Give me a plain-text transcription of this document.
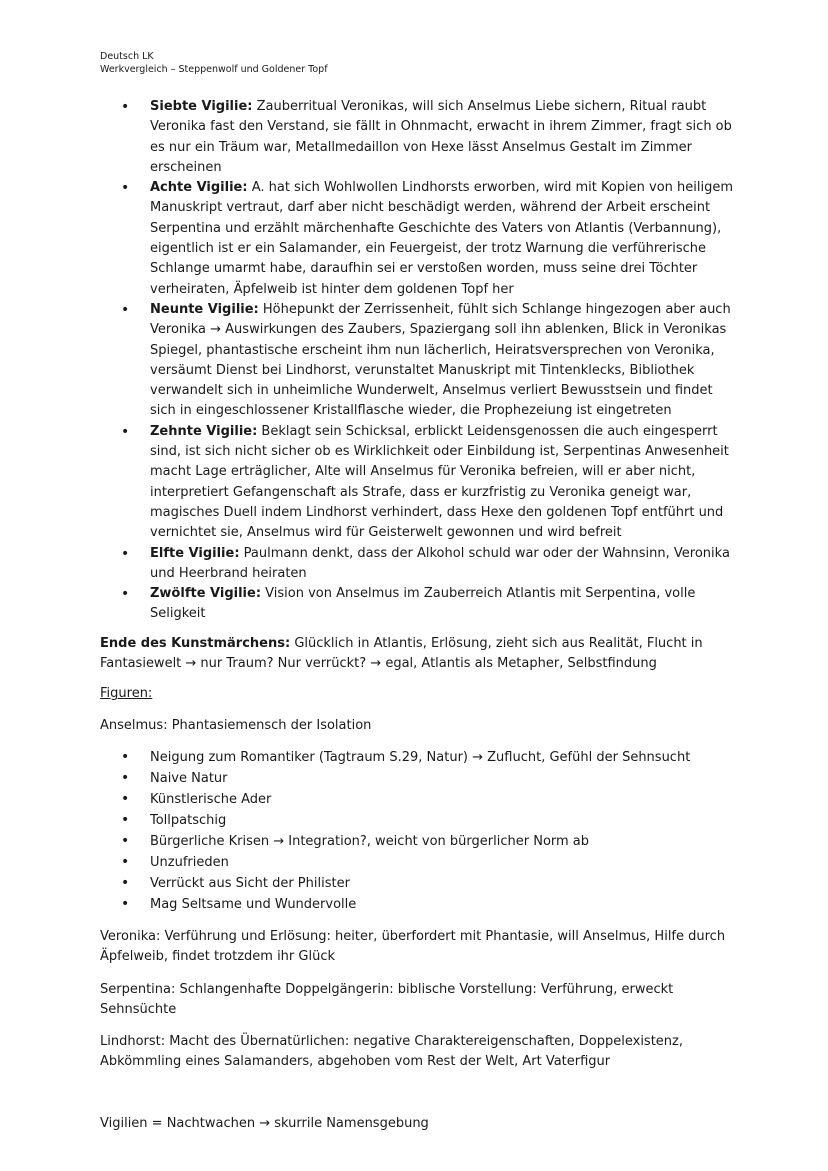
Deutsch LK
Werkvergleich – Steppenwolf und Goldener Topf
• Siebte Vigilie: Zauberritual Veronikas, will sich Anselmus Liebe sichern, Ritual raubt Veronika fast den Verstand, sie fällt in Ohnmacht, erwacht in ihrem Zimmer, fragt sich ob es nur ein Träum war, Metallmedaillon von Hexe lässt Anselmus Gestalt im Zimmer erscheinen
• Achte Vigilie: A. hat sich Wohlwollen Lindhorsts erworben, wird mit Kopien von heiligem Manuskript vertraut, darf aber nicht beschädigt werden, während der Arbeit erscheint Serpentina und erzählt märchenhafte Geschichte des Vaters von Atlantis (Verbannung), eigentlich ist er ein Salamander, ein Feuergeist, der trotz Warnung die verführerische Schlange umarmt habe, daraufhin sei er verstoßen worden, muss seine drei Töchter verheiraten, Äpfelweib ist hinter dem goldenen Topf her
• Neunte Vigilie: Höhepunkt der Zerrissenheit, fühlt sich Schlange hingezogen aber auch Veronika → Auswirkungen des Zaubers, Spaziergang soll ihn ablenken, Blick in Veronikas Spiegel, phantastische erscheint ihm nun lächerlich, Heiratsversprechen von Veronika, versäumt Dienst bei Lindhorst, verunstaltet Manuskript mit Tintenklecks, Bibliothek verwandelt sich in unheimliche Wunderwelt, Anselmus verliert Bewusstsein und findet sich in eingeschlossener Kristallflasche wieder, die Prophezeiung ist eingetreten
• Zehnte Vigilie: Beklagt sein Schicksal, erblickt Leidensgenossen die auch eingesperrt sind, ist sich nicht sicher ob es Wirklichkeit oder Einbildung ist, Serpentinas Anwesenheit macht Lage erträglicher, Alte will Anselmus für Veronika befreien, will er aber nicht, interpretiert Gefangenschaft als Strafe, dass er kurzfristig zu Veronika geneigt war, magisches Duell indem Lindhorst verhindert, dass Hexe den goldenen Topf entführt und vernichtet sie, Anselmus wird für Geisterwelt gewonnen und wird befreit
• Elfte Vigilie: Paulmann denkt, dass der Alkohol schuld war oder der Wahnsinn, Veronika und Heerbrand heiraten
• Zwölfte Vigilie: Vision von Anselmus im Zauberreich Atlantis mit Serpentina, volle Seligkeit

Ende des Kunstmärchens: Glücklich in Atlantis, Erlösung, zieht sich aus Realität, Flucht in Fantasiewelt → nur Traum? Nur verrückt? → egal, Atlantis als Metapher, Selbstfindung

Figuren:

Anselmus: Phantasiemensch der Isolation

• Neigung zum Romantiker (Tagtraum S.29, Natur) → Zuflucht, Gefühl der Sehnsucht
• Naive Natur
• Künstlerische Ader
• Tollpatschig
• Bürgerliche Krisen → Integration?, weicht von bürgerlicher Norm ab
• Unzufrieden
• Verrückt aus Sicht der Philister
• Mag Seltsame und Wundervolle

Veronika: Verführung und Erlösung: heiter, überfordert mit Phantasie, will Anselmus, Hilfe durch Äpfelweib, findet trotzdem ihr Glück

Serpentina: Schlangenhafte Doppelgängerin: biblische Vorstellung: Verführung, erweckt Sehnsüchte

Lindhorst: Macht des Übernatürlichen: negative Charaktereigenschaften, Doppelexistenz, Abkömmling eines Salamanders, abgehoben vom Rest der Welt, Art Vaterfigur

Vigilien = Nachtwachen → skurrile Namensgebung
